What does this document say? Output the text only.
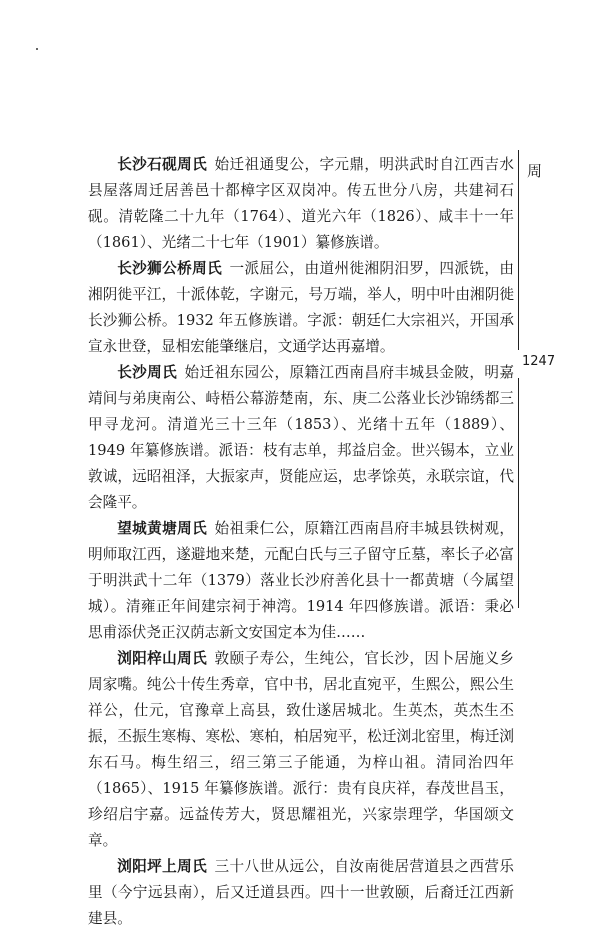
长沙石砚周氏 始迁祖通叟公，字元鼎，明洪武时自江西吉水县屋落周迁居善邑十都樟字区双岗冲。传五世分八房，共建祠石砚。清乾隆二十九年（1764）、道光六年（1826）、咸丰十一年（1861）、光绪二十七年（1901）纂修族谱。

长沙狮公桥周氏 一派屈公，由道州徙湘阴汨罗，四派铣，由湘阴徙平江，十派体乾，字谢元，号万端，举人，明中叶由湘阴徙长沙狮公桥。1932 年五修族谱。字派：朝廷仁大宗祖兴，开国承宣永世登，显相宏能肇继启，文通学达再嘉增。

长沙周氏 始迁祖东园公，原籍江西南昌府丰城县金陂，明嘉靖间与弟庚南公、峙梧公幕游楚南，东、庚二公落业长沙锦绣都三甲寻龙河。清道光三十三年（1853）、光绪十五年（1889）、1949 年纂修族谱。派语：枝有志单，邦益启金。世兴锡本，立业敦诚，远昭祖泽，大振家声，贤能应运，忠孝馀英，永联宗谊，代会隆平。

望城黄塘周氏 始祖秉仁公，原籍江西南昌府丰城县铁树观，明师取江西，遂避地来楚，元配白氏与三子留守丘墓，率长子必富于明洪武十二年（1379）落业长沙府善化县十一都黄塘（今属望城）。清雍正年间建宗祠于神湾。1914 年四修族谱。派语：秉必思甫添伏尧正汉荫志新文安国定本为佳……

浏阳梓山周氏 敦颐子寿公，生纯公，官长沙，因卜居施义乡周家嘴。纯公十传生秀章，官中书，居北直宛平，生熙公，熙公生祥公，仕元，官豫章上高县，致仕遂居城北。生英杰，英杰生丕振，丕振生寒梅、寒松、寒柏，柏居宛平，松迁浏北窑里，梅迁浏东石马。梅生绍三，绍三第三子能通，为梓山祖。清同治四年（1865）、1915 年纂修族谱。派行：贵有良庆祥，春茂世昌玉，珍绍启宇嘉。远益传芳大，贤思耀祖光，兴家崇理学，华国颂文章。

浏阳坪上周氏 三十八世从远公，自汝南徙居营道县之西营乐里（今宁远县南），后又迁道县西。四十一世敦颐，后裔迁江西新建县。

周
1247
